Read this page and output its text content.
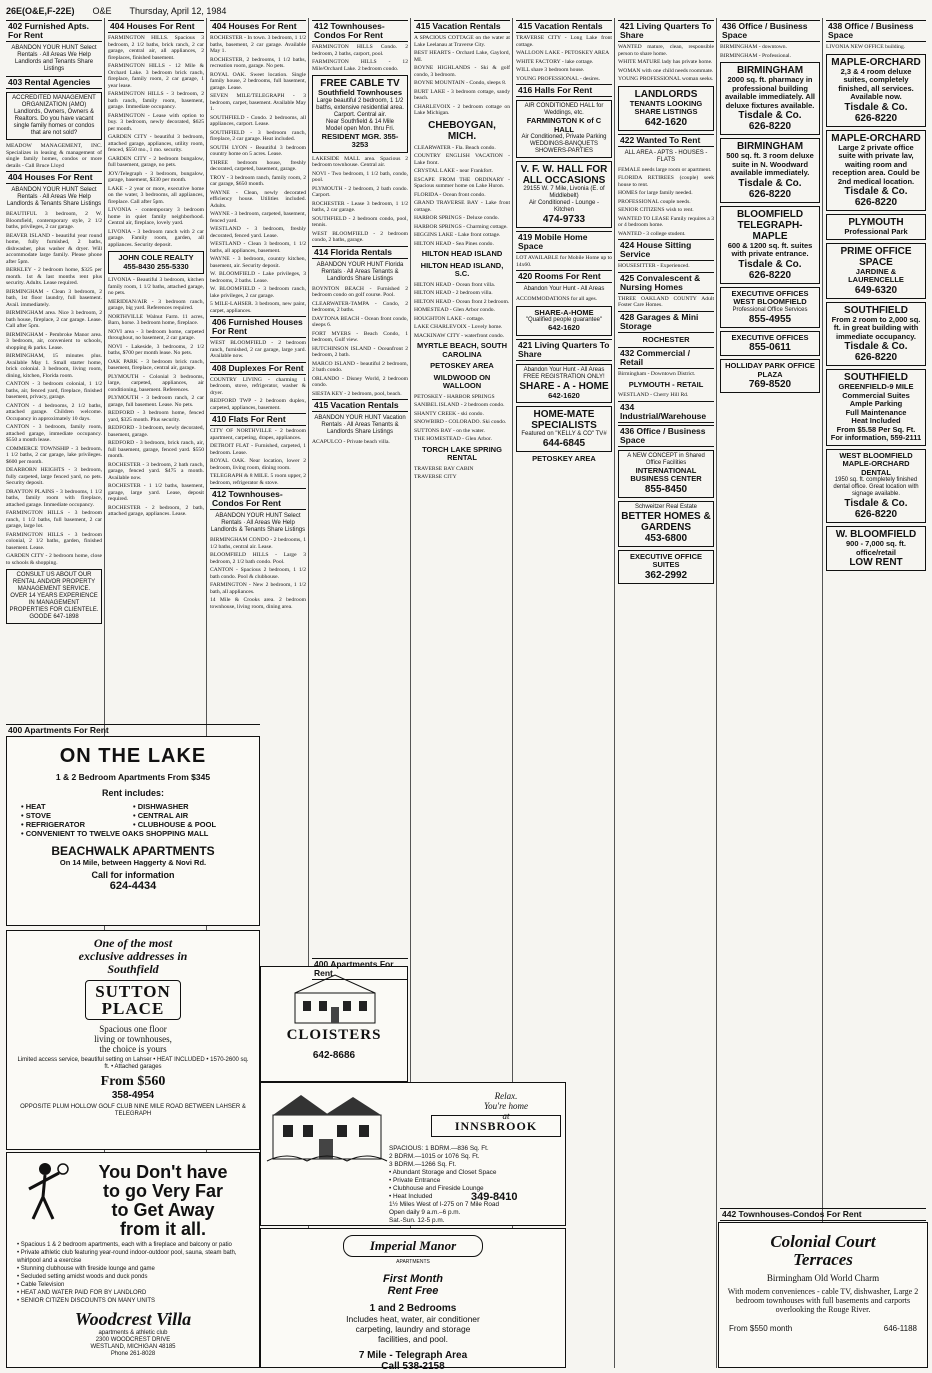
26E(O&E,F-22E) O&E Thursday, April 12, 1984
402 Furnished Apts. For Rent

ABANDON YOUR HUNT Select Rentals · All Areas We Help Landlords and Tenants Share Listings

403 Rental Agencies
ACCREDITED MANAGEMENT ORGANIZATION (AMO) Landlords, Owners, Owners & Realtors. Do you have vacant single family homes or condos that are not sold?

MEADOW MANAGEMENT, INC. Specializes in leasing & management of single family homes, condos or more details - Call Bruce Lloyd

404 Houses For Rent

ABANDON YOUR HUNT Select Rentals · All Areas We Help Landlords & Tenants Share Listings

BEAUTIFUL 3 bedroom, 2 W. Bloomfield, contemporary style, 2 1/2 baths, privileges, 2 car garage.

BEAVER ISLAND - beautiful year round home, fully furnished, 2 baths, dishwasher, plus washer & dryer. Will accommodate large family. Please phone after 5pm.

BERKLEY - 2 bedroom home, $325 per month. 1st & last months rent plus security. Adults. Lease required.

BIRMINGHAM - Clean 3 bedroom, 2 bath, 1st floor laundry, full basement. Avail. immediately.

BIRMINGHAM area. Nice 3 bedroom, 2 bath house, fireplace, 2 car garage. Lease. Call after 5pm.

BIRMINGHAM - Pembroke Manor area. 3 bedroom, air, convenient to schools, shopping & parks. Lease.

BIRMINGHAM, 15 minutes plus. Available May 1. Small starter home, brick colonial. 3 bedroom, living room, dining, kitchen, Florida room.

CANTON - 3 bedroom colonial, 1 1/2 baths, air, fenced yard, fireplace, finished basement, privacy, garage.

CANTON - 4 bedrooms, 2 1/2 baths, attached garage. Children welcome. Occupancy in approximately 10 days.

CANTON - 3 bedroom, family room, attached garage, immediate occupancy. $550 a month lease.

COMMERCE TOWNSHIP - 3 bedroom, 1 1/2 baths, 2 car garage, lake privileges. $600 per month.

DEARBORN HEIGHTS - 3 bedroom, fully carpeted, large fenced yard, no pets. Security deposit.

DRAYTON PLAINS - 3 bedrooms, 1 1/2 baths, family room with fireplace, attached garage. Immediate occupancy.

FARMINGTON HILLS - 3 bedroom ranch, 1 1/2 baths, full basement, 2 car garage, large lot.

FARMINGTON HILLS - 3 bedroom colonial, 2 1/2 baths, garden, finished basement. Lease.

GARDEN CITY - 2 bedroom home, close to schools & shopping.

CONSULT US ABOUT OUR RENTAL AND/OR PROPERTY MANAGEMENT SERVICE. OVER 14 YEARS EXPERIENCE IN MANAGEMENT PROPERTIES FOR CLIENTELE. GOODE 647-1898
400 Apartments For Rent
404 Houses For Rent

FARMINGTON HILLS. Spacious 3 bedroom, 2 1/2 baths, brick ranch, 2 car garage, central air, all appliances, 2 fireplaces, finished basement.

FARMINGTON HILLS - 12 Mile & Orchard Lake. 3 bedroom brick ranch, fireplace, family room, 2 car garage, 1 year lease.

FARMINGTON HILLS - 3 bedroom, 2 bath ranch, family room, basement, garage. Immediate occupancy.

FARMINGTON - Lease with option to buy. 3 bedroom, newly decorated, $625 per month.

GARDEN CITY - beautiful 3 bedroom, attached garage, appliances, utility room, fenced, $550 mo., 1 mo. security.

GARDEN CITY - 2 bedroom bungalow, full basement, garage, no pets.

JOY/Telegraph - 3 bedroom, bungalow, garage, basement, $330 per month.

LAKE - 2 year or more, executive home on the water, 3 bedrooms, all appliances, fireplace. Call after 5pm.

LIVONIA - contemporary 3 bedroom home in quiet family neighborhood. Central air, fireplace, lovely yard.

LIVONIA - 3 bedroom ranch with 2 car garage. Family room, garden, all appliances. Security deposit.

JOHN COLE REALTY 455-8430 255-5330

LIVONIA - Beautiful 3 bedroom, kitchen family room, 1 1/2 baths, attached garage, no pets.

MERIDIAN/AIR - 3 bedroom ranch, garage, big yard. References required.

NORTHVILLE Walnut Farm. 11 acres, Barn, horse. 3 bedroom home, fireplace.

NOVI area - 3 bedroom home, carpeted throughout, no basement, 2 car garage.

NOVI - Lakeside, 3 bedrooms, 2 1/2 baths, $700 per month lease. No pets.

OAK PARK - 3 bedroom brick ranch, basement, fireplace, central air, garage.

PLYMOUTH - Colonial 3 bedrooms, large, carpeted, appliances, air conditioning, basement. References.

PLYMOUTH - 3 bedroom ranch, 2 car garage, full basement. Lease. No pets.

REDFORD - 3 bedroom home, fenced yard, $325 month. Plus security.

REDFORD - 3 bedroom, newly decorated, basement, garage.

REDFORD - 3 bedroom, brick ranch, air, full basement, garage, fenced yard. $550 month.

ROCHESTER - 3 bedroom, 2 bath ranch, garage, fenced yard. $475 a month. Available now.

ROCHESTER - 1 1/2 baths, basement, garage, large yard. Lease, deposit required.

ROCHESTER - 2 bedroom, 2 bath, attached garage, appliances. Lease.

404 Houses For Rent

ROCHESTER - In town. 3 bedroom, 1 1/2 baths, basement, 2 car garage. Available May 1.

ROCHESTER, 2 bedrooms, 1 1/2 baths, recreation room, garage. No pets.

ROYAL OAK. Sweet location. Single family house, 2 bedrooms, full basement, garage. Lease.

SEVEN MILE/TELEGRAPH - 3 bedroom, carpet, basement. Available May 1.

SOUTHFIELD - Condo. 2 bedrooms, all appliances, carport. Lease.

SOUTHFIELD - 3 bedroom ranch, fireplace, 2 car garage. Heat included.

SOUTH LYON - Beautiful 3 bedroom country home on 5 acres. Lease.

THREE bedroom house, freshly decorated, carpeted, basement, garage.

TROY - 3 bedroom ranch, family room, 2 car garage, $650 month.

WAYNE - Clean, newly decorated efficiency house. Utilities included. Adults.

WAYNE - 3 bedroom, carpeted, basement, fenced yard.

WESTLAND - 3 bedroom, freshly decorated, fenced yard. Lease.

WESTLAND - Clean 3 bedroom, 1 1/2 baths, all appliances, basement.

WAYNE - 3 bedroom, country kitchen, basement, air. Security deposit.

W. BLOOMFIELD - Lake privileges, 3 bedrooms, 2 baths. Lease.

W. BLOOMFIELD - 3 bedroom ranch, lake privileges, 2 car garage.

5 MILE-LAHSER. 3 bedroom, new paint, carpet, appliances.

406 Furnished Houses For Rent

WEST BLOOMFIELD - 2 bedroom ranch, furnished, 2 car garage, large yard. Available now.

408 Duplexes For Rent

COUNTRY LIVING - charming 1 bedroom, stove, refrigerator, washer & dryer.

REDFORD TWP - 2 bedroom duplex, carpeted, appliances, basement.

410 Flats For Rent

CITY OF NORTHVILLE - 2 bedroom apartment, carpeting, drapes, appliances.

DETROIT FLAT - Furnished, carpeted, 1 bedroom. Lease.

ROYAL OAK. Near location, lower 2 bedroom, living room, dining room.

TELEGRAPH & 8 MILE. 5 room upper, 2 bedroom, refrigerator & stove.

412 Townhouses-Condos For Rent

ABANDON YOUR HUNT Select Rentals · All Areas We Help Landlords & Tenants Share Listings

BIRMINGHAM CONDO - 2 bedrooms, 1 1/2 baths, central air. Lease.

BLOOMFIELD HILLS - Large 3 bedroom, 2 1/2 bath condo. Pool.

CANTON - Spacious 2 bedroom, 1 1/2 bath condo. Pool & clubhouse.

FARMINGTON - New 2 bedroom, 1 1/2 bath, all appliances.

14 Mile & Crooks area. 2 bedroom townhouse, living room, dining area.

412 Townhouses-Condos For Rent

FARMINGTON HILLS Condo. 2 bedroom, 2 baths, carport, pool.

FARMINGTON HILLS - 12 Mile/Orchard Lake. 2 bedroom condo.

FREE CABLE TV
Southfield Townhouses
Large beautiful 2 bedroom, 1 1/2 baths, extensive residential area. Carport. Central air.
Near Southfield & 14 Mile
Model open Mon. thru Fri.
RESIDENT MGR. 355-3253

LAKESIDE MALL area. Spacious 2 bedroom townhouse. Central air.

NOVI - Two bedroom, 1 1/2 bath, condo, pool.

PLYMOUTH - 2 bedroom, 2 bath condo. Carport.

ROCHESTER - Lease 3 bedroom, 1 1/2 baths, 2 car garage.

SOUTHFIELD - 2 bedroom condo, pool, tennis.

WEST BLOOMFIELD - 2 bedroom condo, 2 baths, garage.

414 Florida Rentals

ABANDON YOUR HUNT Florida Rentals · All Areas Tenants & Landlords Share Listings

BOYNTON BEACH - Furnished 2 bedroom condo on golf course. Pool.

CLEARWATER-TAMPA - Condo, 2 bedrooms, 2 baths.

DAYTONA BEACH - Ocean front condo, sleeps 6.

FORT MYERS - Beach Condo, 1 bedroom, Gulf view.

HUTCHINSON ISLAND - Oceanfront 2 bedroom, 2 bath.

MARCO ISLAND - beautiful 2 bedroom, 2 bath condo.

ORLANDO - Disney World, 2 bedroom condo.

SIESTA KEY - 2 bedroom, pool, beach.

415 Vacation Rentals

ABANDON YOUR HUNT Vacation Rentals · All Areas Tenants & Landlords Share Listings

ACAPULCO - Private beach villa.

CLOISTERS
642-8686
400 Apartments For Rent
415 Vacation Rentals

A SPACIOUS COTTAGE on the water at Lake Leelanau at Traverse City.

BEST HEARTS - Orchard Lake, Gaylord, MI.

BOYNE HIGHLANDS - Ski & golf condo, 3 bedroom.

BOYNE MOUNTAIN - Condo, sleeps 8.

BURT LAKE - 3 bedroom cottage, sandy beach.

CHARLEVOIX - 2 bedroom cottage on Lake Michigan.

CHEBOYGAN, MICH.

CLEARWATER - Fla. Beach condo.

COUNTRY ENGLISH VACATION - Lake front.

CRYSTAL LAKE - near Frankfort.

ESCAPE FROM THE ORDINARY - Spacious summer home on Lake Huron.

FLORIDA - Ocean front condo.

GRAND TRAVERSE BAY - Lake front cottage.

HARBOR SPRINGS - Deluxe condo.

HARBOR SPRINGS - Charming cottage.

HIGGINS LAKE - Lake front cottage.

HILTON HEAD - Sea Pines condo.

HILTON HEAD ISLAND

HILTON HEAD ISLAND, S.C.

HILTON HEAD - Ocean front villa.

HILTON HEAD - 2 bedroom villa.

HILTON HEAD - Ocean front 2 bedroom.

HOMESTEAD - Glen Arbor condo.

HOUGHTON LAKE - cottage.

LAKE CHARLEVOIX - Lovely home.

MACKINAW CITY - waterfront condo.

MYRTLE BEACH, SOUTH CAROLINA

PETOSKEY AREA

WILDWOOD ON WALLOON

PETOSKEY - HARBOR SPRINGS

SANIBEL ISLAND - 2 bedroom condo.

SHANTY CREEK - ski condo.

SNOWBIRD - COLORADO. Ski condo.

SUTTONS BAY - on the water.

THE HOMESTEAD - Glen Arbor.

TORCH LAKE SPRING RENTAL

TRAVERSE BAY CABIN

TRAVERSE CITY

415 Vacation Rentals

TRAVERSE CITY - Long Lake front cottage.

WALLOON LAKE - PETOSKEY AREA

WHITE FACTORY - lake cottage.

WILL share 3 bedroom house.

YOUNG PROFESSIONAL - desires.

416 Halls For Rent
AIR CONDITIONED HALL for Weddings, etc.
FARMINGTON K of C HALL
Air Conditioned, Private Parking
WEDDINGS-BANQUETS SHOWERS-PARTIES
V. F. W. HALL FOR ALL OCCASIONS
29155 W. 7 Mile, Livonia (E. of Middlebelt)
Air Conditioned - Lounge - Kitchen
474-9733
419 Mobile Home Space

LOT AVAILABLE for Mobile Home up to 14x60.

420 Rooms For Rent

Abandon Your Hunt - All Areas

ACCOMMODATIONS for all ages.

SHARE-A-HOME
"Qualified people guarantee"
642-1620
421 Living Quarters To Share
Abandon Your Hunt - All Areas
FREE REGISTRATION ONLY!
SHARE - A - HOME
642-1620
HOME-MATE SPECIALISTS
Featured on "KELLY & CO" TV#
644-6845

PETOSKEY AREA

421 Living Quarters To Share

WANTED mature, clean, responsible person to share home.

WHITE MATURE lady has private home.

WOMAN with one child needs roommate.

YOUNG PROFESSIONAL woman seeks.

LANDLORDS
TENANTS LOOKING
SHARE LISTINGS
642-1620
422 Wanted To Rent

ALL AREA - APTS - HOUSES - FLATS

FEMALE needs large room or apartment.

FLORIDA RETIREES (couple) seek house to rent.

HOMES for large family needed.

PROFESSIONAL couple needs.

SENIOR CITIZENS wish to rent.

WANTED TO LEASE Family requires a 3 or 4 bedroom home.

WANTED - 3 college student.

424 House Sitting Service

HOUSESITTER - Experienced.

425 Convalescent & Nursing Homes

THREE OAKLAND COUNTY Adult Foster Care Homes.

428 Garages & Mini Storage

ROCHESTER

432 Commercial / Retail

Birmingham - Downtown District.

PLYMOUTH - RETAIL

WESTLAND - Cherry Hill Rd.

434 Industrial/Warehouse
436 Office / Business Space
A NEW CONCEPT in Shared Office Facilities
INTERNATIONAL BUSINESS CENTER
855-8450
Schweitzer Real Estate
BETTER HOMES & GARDENS
453-6800
EXECUTIVE OFFICE SUITES
362-2992
436 Office / Business Space

BIRMINGHAM - downtown.

BIRMINGHAM - Professional.

BIRMINGHAM
2000 sq. ft. pharmacy in professional building available immediately. All deluxe fixtures available.
Tisdale & Co.
626-8220
BIRMINGHAM
500 sq. ft. 3 room deluxe suite in N. Woodward available immediately.
Tisdale & Co.
626-8220
BLOOMFIELD TELEGRAPH-MAPLE
600 & 1200 sq. ft. suites with private entrance.
Tisdale & Co.
626-8220
EXECUTIVE OFFICES
WEST BLOOMFIELD
Professional Office Services
855-4955
EXECUTIVE OFFICES
855-0611
HOLLIDAY PARK OFFICE PLAZA
769-8520
442 Townhouses-Condos For Rent
438 Office / Business Space

LIVONIA NEW OFFICE building.

MAPLE-ORCHARD
2,3 & 4 room deluxe suites, completely finished, all services. Available now.
Tisdale & Co.
626-8220
MAPLE-ORCHARD
Large 2 private office suite with private lav, waiting room and reception area. Could be 2nd medical location.
Tisdale & Co.
626-8220
PLYMOUTH
Professional Park
PRIME OFFICE SPACE
JARDINE & LAURENCELLE
649-6320
SOUTHFIELD
From 2 room to 2,000 sq. ft. in great building with immediate occupancy.
Tisdale & Co.
626-8220
SOUTHFIELD
GREENFIELD-9 MILE
Commercial Suites
Ample Parking
Full Maintenance
Heat Included
From $5.58 Per Sq. Ft.
For information, 559-2111
WEST BLOOMFIELD
MAPLE-ORCHARD
DENTAL
1950 sq. ft. completely finished dental office. Great location with signage available.
Tisdale & Co.
626-8220
W. BLOOMFIELD
900 - 7,000 sq. ft. office/retail
LOW RENT
ON THE LAKE
1 & 2 Bedroom Apartments From $345
Rent includes:
• HEAT	• DISHWASHER
• STOVE	• CENTRAL AIR
• REFRIGERATOR	• CLUBHOUSE & POOL
• CONVENIENT TO TWELVE OAKS SHOPPING MALL
BEACHWALK APARTMENTS
On 14 Mile, between Haggerty & Novi Rd.
Call for information
624-4434
One of the most
exclusive addresses in
Southfield
SUTTON
PLACE
Spacious one floor
living or townhouses,
the choice is yours
Limited access service, beautiful setting on Lahser • HEAT INCLUDED • 1570-2600 sq. ft. • Attached garages
From $560
358-4954
OPPOSITE PLUM HOLLOW GOLF CLUB NINE MILE ROAD BETWEEN LAHSER & TELEGRAPH
You Don't have
to go Very Far
to Get Away
from it all.
• Spacious 1 & 2 bedroom apartments, each with a fireplace and balcony or patio
• Private athletic club featuring year-round indoor-outdoor pool, sauna, steam bath, whirlpool and a exercise
• Stunning clubhouse with fireside lounge and game
• Secluded setting amidst woods and duck ponds
• Cable Television
• HEAT AND WATER PAID FOR BY LANDLORD
• SENIOR CITIZEN DISCOUNTS ON MANY UNITS
Woodcrest Villa
apartments & athletic club
2300 WOODCREST DRIVE
WESTLAND, MICHIGAN 48185
Phone 261-8028
Relax.
You're home
at
INNSBROOK
SPACIOUS: 1 BDRM.—836 Sq. Ft.
2 BDRM.—1015 or 1076 Sq. Ft.
3 BDRM.—1266 Sq. Ft.
• Abundant Storage and Closet Space
• Private Entrance
• Clubhouse and Fireside Lounge
• Heat Included
1½ Miles West of I-275 on 7 Mile Road
Open daily 9 a.m.–6 p.m.
Sat.-Sun. 12-5 p.m.
349-8410
Imperial Manor
APARTMENTS
First Month
Rent Free
1 and 2 Bedrooms
Includes heat, water, air conditioner
carpeting, laundry and storage
facilities, and pool.
7 Mile - Telegraph Area
Call 538-2158
Colonial Court
Terraces
Birmingham Old World Charm
With modern conveniences - cable TV, dishwasher, Large 2 bedroom townhouses with full basements and carports overlooking the Rouge River.
From $550 month	646-1188
